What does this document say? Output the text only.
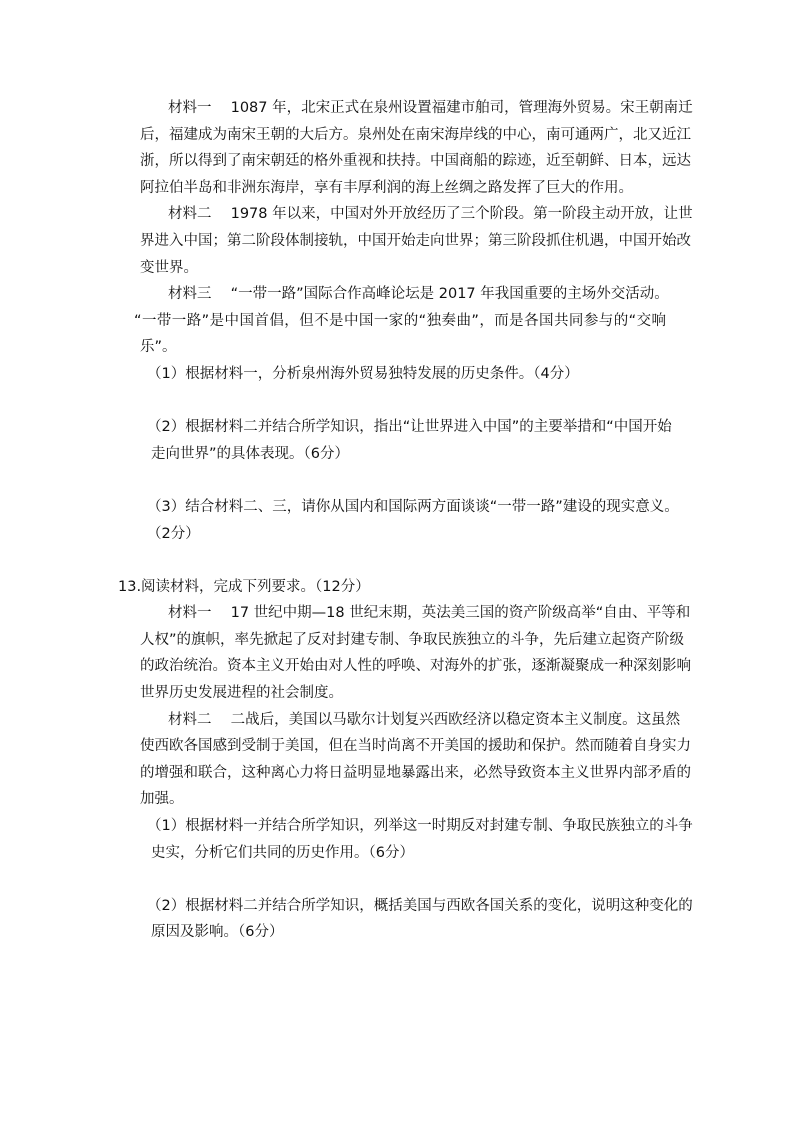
材料一　 1087 年，北宋正式在泉州设置福建市舶司，管理海外贸易。宋王朝南迁
后，福建成为南宋王朝的大后方。泉州处在南宋海岸线的中心，南可通两广，北又近江
浙，所以得到了南宋朝廷的格外重视和扶持。中国商船的踪迹，近至朝鲜、日本，远达
阿拉伯半岛和非洲东海岸，享有丰厚利润的海上丝绸之路发挥了巨大的作用。
材料二　 1978 年以来，中国对外开放经历了三个阶段。第一阶段主动开放，让世
界进入中国；第二阶段体制接轨，中国开始走向世界；第三阶段抓住机遇，中国开始改
变世界。
材料三　 “一带一路”国际合作高峰论坛是 2017 年我国重要的主场外交活动。
“一带一路”是中国首倡，但不是中国一家的“独奏曲”，而是各国共同参与的“交响
乐”。
（1）根据材料一，分析泉州海外贸易独特发展的历史条件。（4分）
（2）根据材料二并结合所学知识，指出“让世界进入中国”的主要举措和“中国开始
走向世界”的具体表现。（6分）
（3）结合材料二、三，请你从国内和国际两方面谈谈“一带一路”建设的现实意义。
（2分）
13.阅读材料，完成下列要求。（12分）
材料一　 17 世纪中期—18 世纪末期，英法美三国的资产阶级高举“自由、平等和
人权”的旗帜，率先掀起了反对封建专制、争取民族独立的斗争，先后建立起资产阶级
的政治统治。资本主义开始由对人性的呼唤、对海外的扩张，逐渐凝聚成一种深刻影响
世界历史发展进程的社会制度。
材料二　 二战后，美国以马歇尔计划复兴西欧经济以稳定资本主义制度。这虽然
使西欧各国感到受制于美国，但在当时尚离不开美国的援助和保护。然而随着自身实力
的增强和联合，这种离心力将日益明显地暴露出来，必然导致资本主义世界内部矛盾的
加强。
（1）根据材料一并结合所学知识，列举这一时期反对封建专制、争取民族独立的斗争
史实，分析它们共同的历史作用。（6分）
（2）根据材料二并结合所学知识，概括美国与西欧各国关系的变化，说明这种变化的
原因及影响。（6分）
